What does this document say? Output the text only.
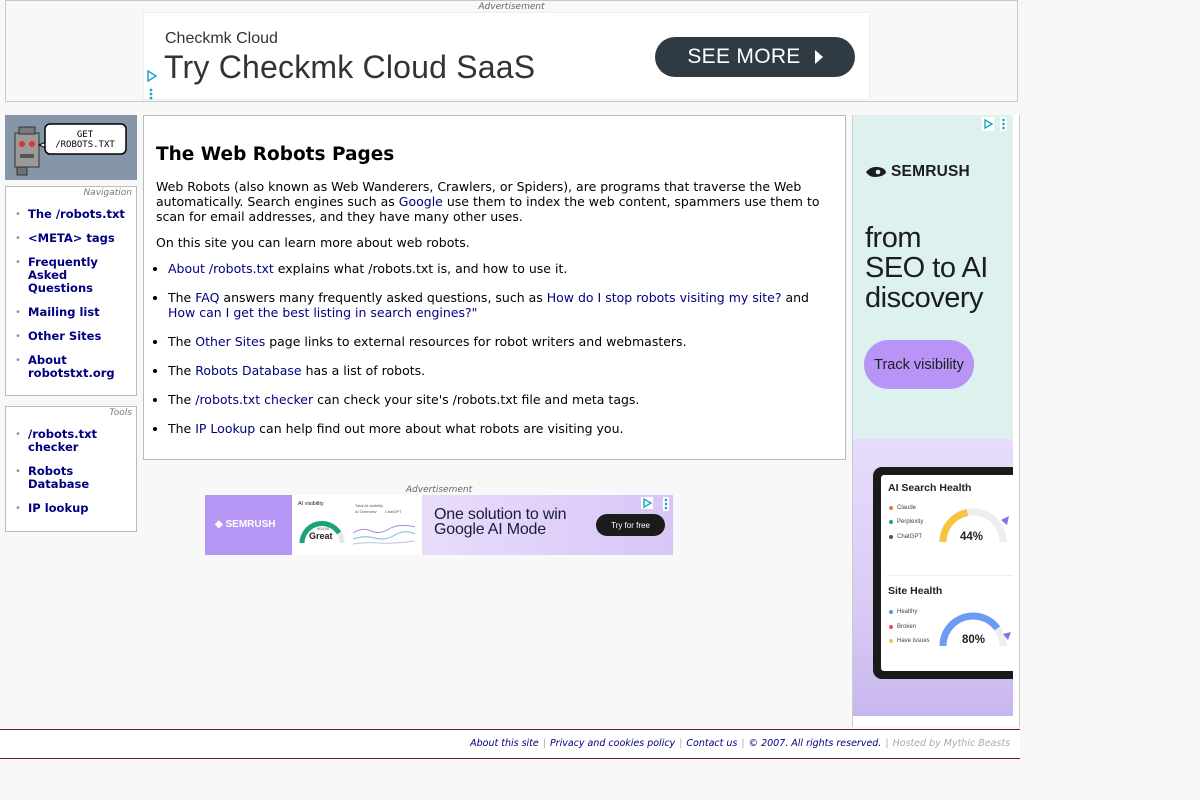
Advertisement
Checkmk Cloud
Try Checkmk Cloud SaaS	SEE MORE
GET
/ROBOTS.TXT
Navigation
• The /robots.txt
• <META> tags
• Frequently Asked Questions
• Mailing list
• Other Sites
• About robotstxt.org
Tools
• /robots.txt checker
• Robots Database
• IP lookup
The Web Robots Pages

Web Robots (also known as Web Wanderers, Crawlers, or Spiders), are programs that traverse the Web automatically. Search engines such as Google use them to index the web content, spammers use them to scan for email addresses, and they have many other uses.

On this site you can learn more about web robots.

• About /robots.txt explains what /robots.txt is, and how to use it.
• The FAQ answers many frequently asked questions, such as How do I stop robots visiting my site? and How can I get the best listing in search engines?"
• The Other Sites page links to external resources for robot writers and webmasters.
• The Robots Database has a list of robots.
• The /robots.txt checker can check your site's /robots.txt file and meta tags.
• The IP Lookup can help find out more about what robots are visiting you.
Advertisement
◆ SEMRUSH
AI visibility
90/100
Great
Total AI visibility
AI Overview ChatGPT One solution to win
Google AI Mode	Try for free
SEMRUSH
from
SEO to AI
discovery
Track visibility
AI Search Health
Claude
Perplexity
ChatGPT	44%
Site Health
Healthy
Broken
Have issues	80%
About this site | Privacy and cookies policy | Contact us | © 2007. All rights reserved. | Hosted by Mythic Beasts
